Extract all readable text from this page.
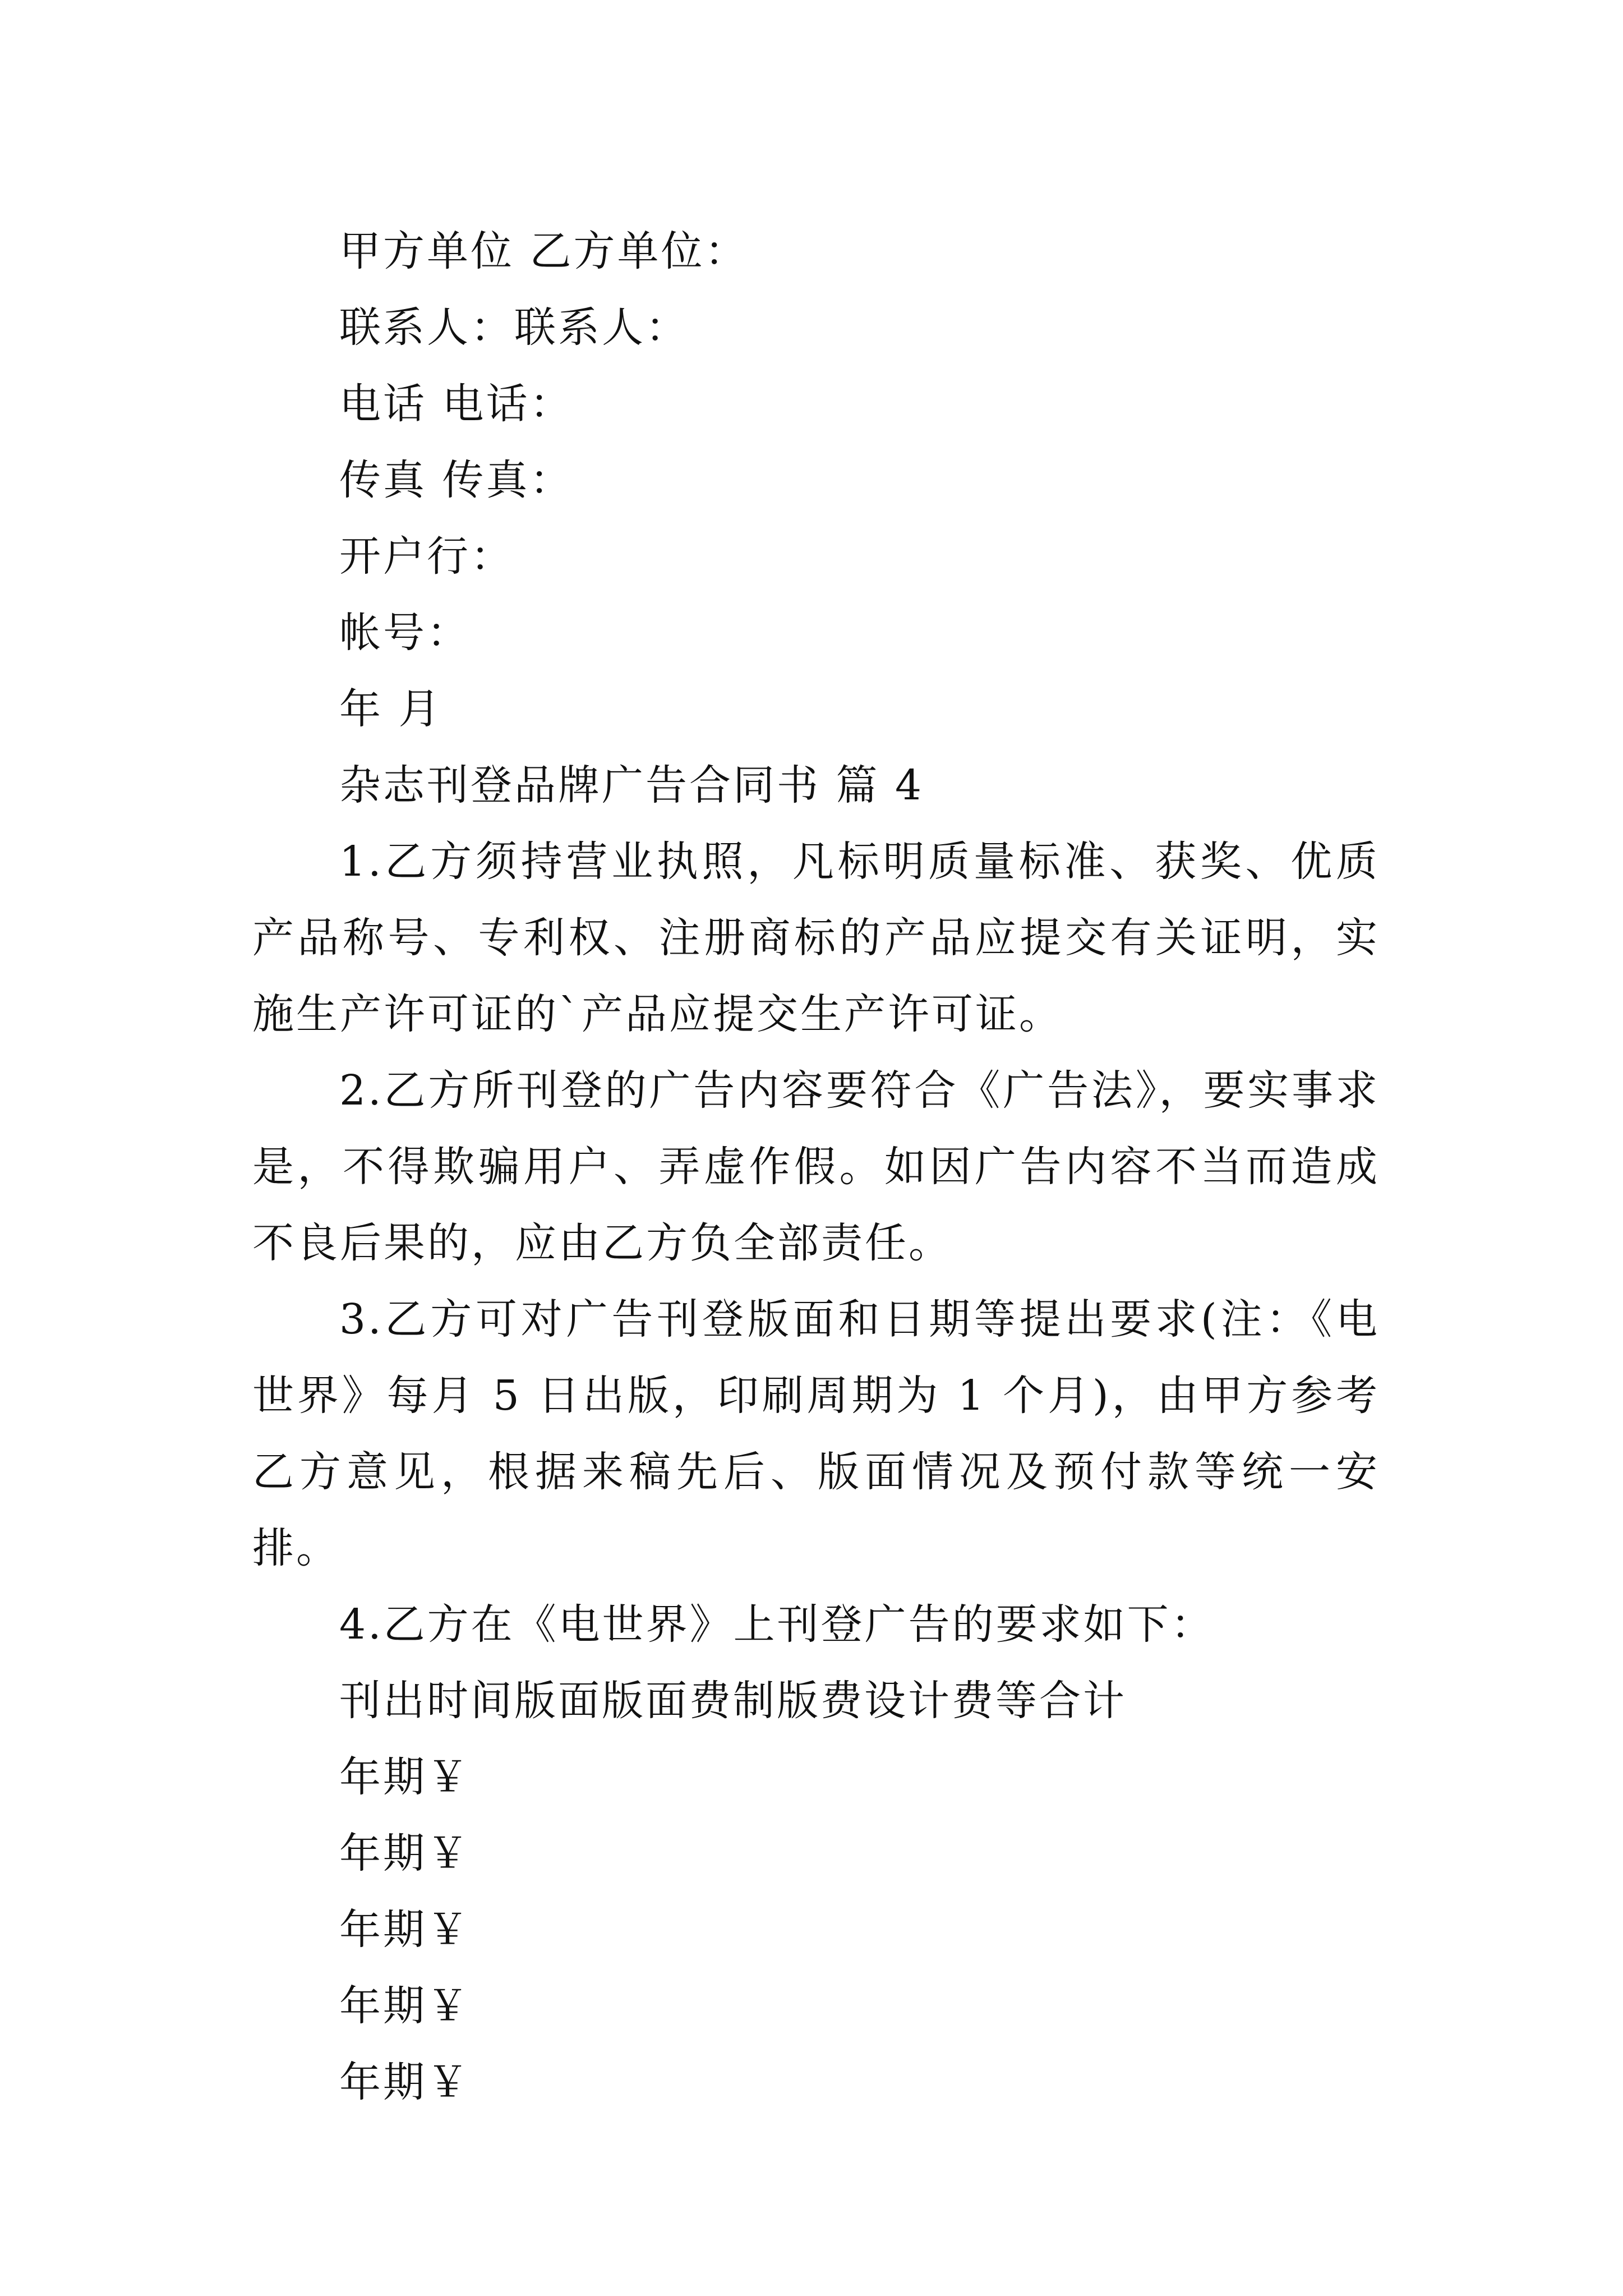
甲方单位 乙方单位：
联系人：联系人：
电话 电话：
传真 传真：
开户行：
帐号：
年 月
杂志刊登品牌广告合同书 篇 4

1.乙方须持营业执照，凡标明质量标准、获奖、优质产品称号、专利权、注册商标的产品应提交有关证明，实施生产许可证的`产品应提交生产许可证。

2.乙方所刊登的广告内容要符合《广告法》，要实事求是，不得欺骗用户、弄虚作假。如因广告内容不当而造成不良后果的，应由乙方负全部责任。

3.乙方可对广告刊登版面和日期等提出要求(注：《电世界》每月 5 日出版，印刷周期为 1 个月)，由甲方参考乙方意见，根据来稿先后、版面情况及预付款等统一安排。

4.乙方在《电世界》上刊登广告的要求如下：

刊出时间版面版面费制版费设计费等合计
年期￥
年期￥
年期￥
年期￥
年期￥
